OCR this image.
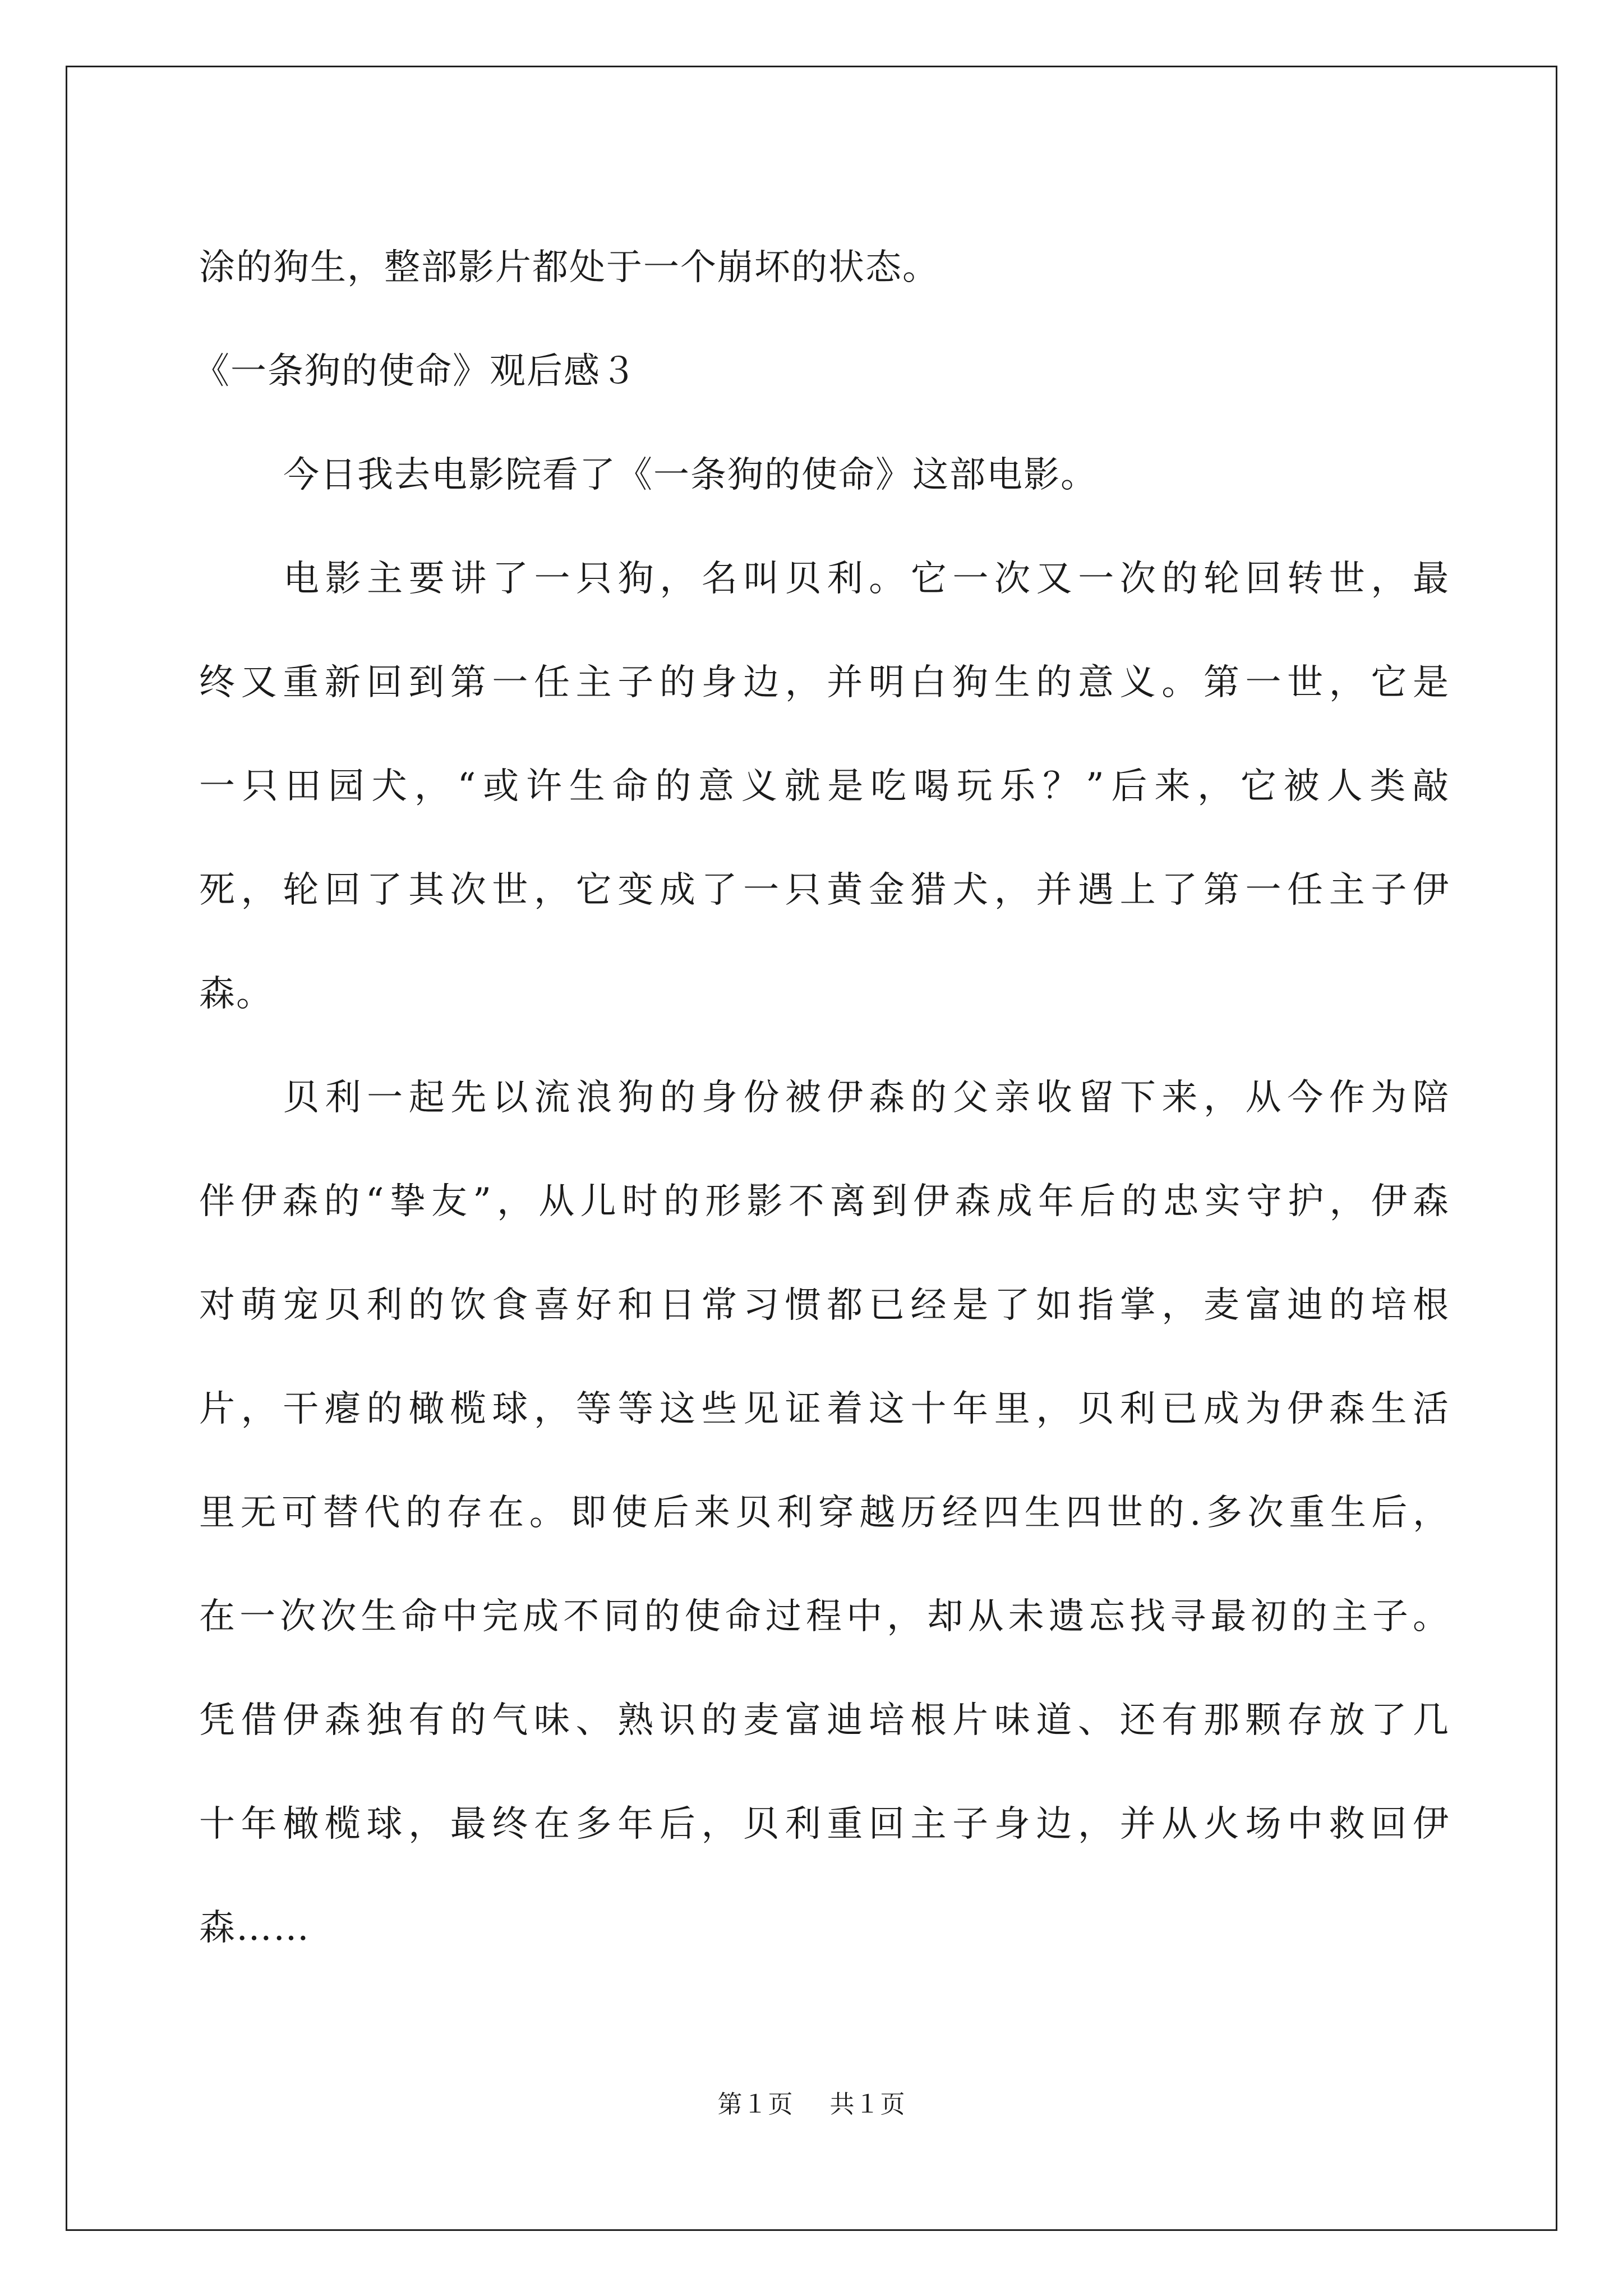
涂的狗生，整部影片都处于一个崩坏的状态。
《一条狗的使命》观后感３
今日我去电影院看了《一条狗的使命》这部电影。
电影主要讲了一只狗，名叫贝利。它一次又一次的轮回转世，最
终又重新回到第一任主子的身边，并明白狗生的意义。第一世，它是
一只田园犬，“或许生命的意义就是吃喝玩乐？”后来，它被人类敲
死，轮回了其次世，它变成了一只黄金猎犬，并遇上了第一任主子伊
森。
贝利一起先以流浪狗的身份被伊森的父亲收留下来，从今作为陪
伴伊森的“挚友”，从儿时的形影不离到伊森成年后的忠实守护，伊森
对萌宠贝利的饮食喜好和日常习惯都已经是了如指掌，麦富迪的培根
片，干瘪的橄榄球，等等这些见证着这十年里，贝利已成为伊森生活
里无可替代的存在。即使后来贝利穿越历经四生四世的.多次重生后，
在一次次生命中完成不同的使命过程中，却从未遗忘找寻最初的主子。
凭借伊森独有的气味、熟识的麦富迪培根片味道、还有那颗存放了几
十年橄榄球，最终在多年后，贝利重回主子身边，并从火场中救回伊
森……
第１页 共１页
